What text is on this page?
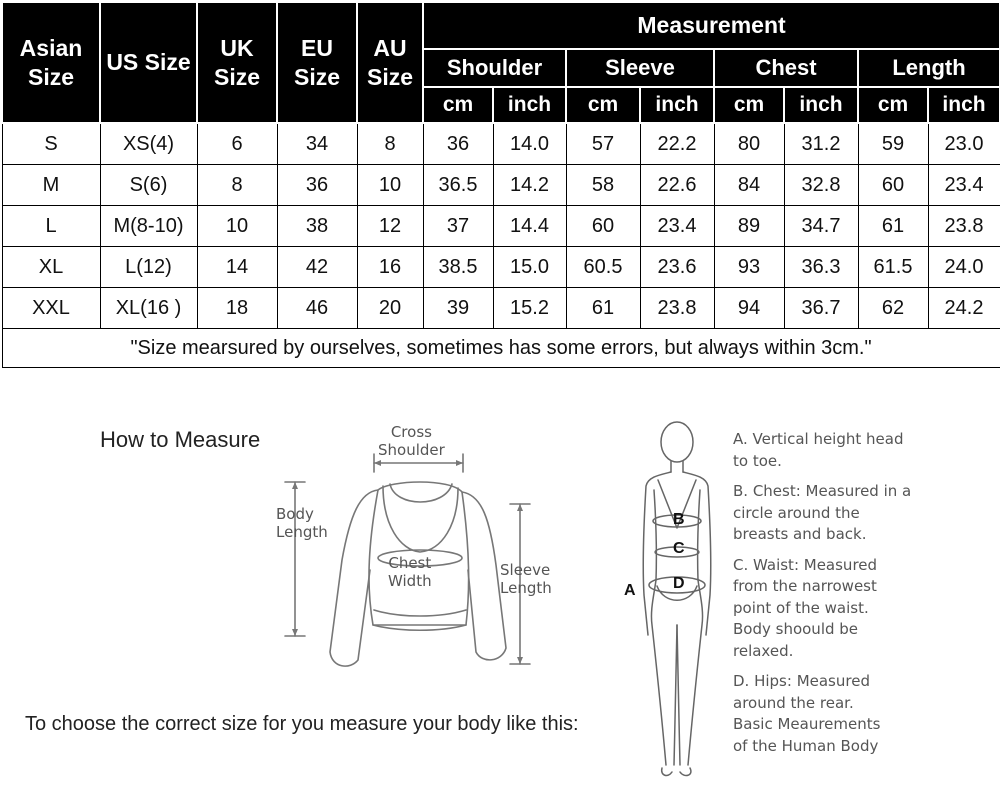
Asian Size	US Size	UK Size	EU Size	AU Size	Measurement							
					Shoulder		Sleeve		Chest		Length	
					cm	inch	cm	inch	cm	inch	cm	inch
S	XS(4)	6	34	8	36	14.0	57	22.2	80	31.2	59	23.0
M	S(6)	8	36	10	36.5	14.2	58	22.6	84	32.8	60	23.4
L	M(8-10)	10	38	12	37	14.4	60	23.4	89	34.7	61	23.8
XL	L(12)	14	42	16	38.5	15.0	60.5	23.6	93	36.3	61.5	24.0
XXL	XL(16 )	18	46	20	39	15.2	61	23.8	94	36.7	62	24.2
"Size mearsured by ourselves, sometimes has some errors, but always within 3cm."												
How to Measure
To choose the correct size for you measure your body like this:
Cross
Shoulder
Body
Length
Chest
Width
Sleeve
Length
B
C
D
A

A. Vertical height head
to toe.

B. Chest: Measured in a
circle around the
breasts and back.

C. Waist: Measured
from the narrowest
point of the waist.
Body shoould be
relaxed.

D. Hips: Measured
around the rear.
Basic Meaurements
of the Human Body
